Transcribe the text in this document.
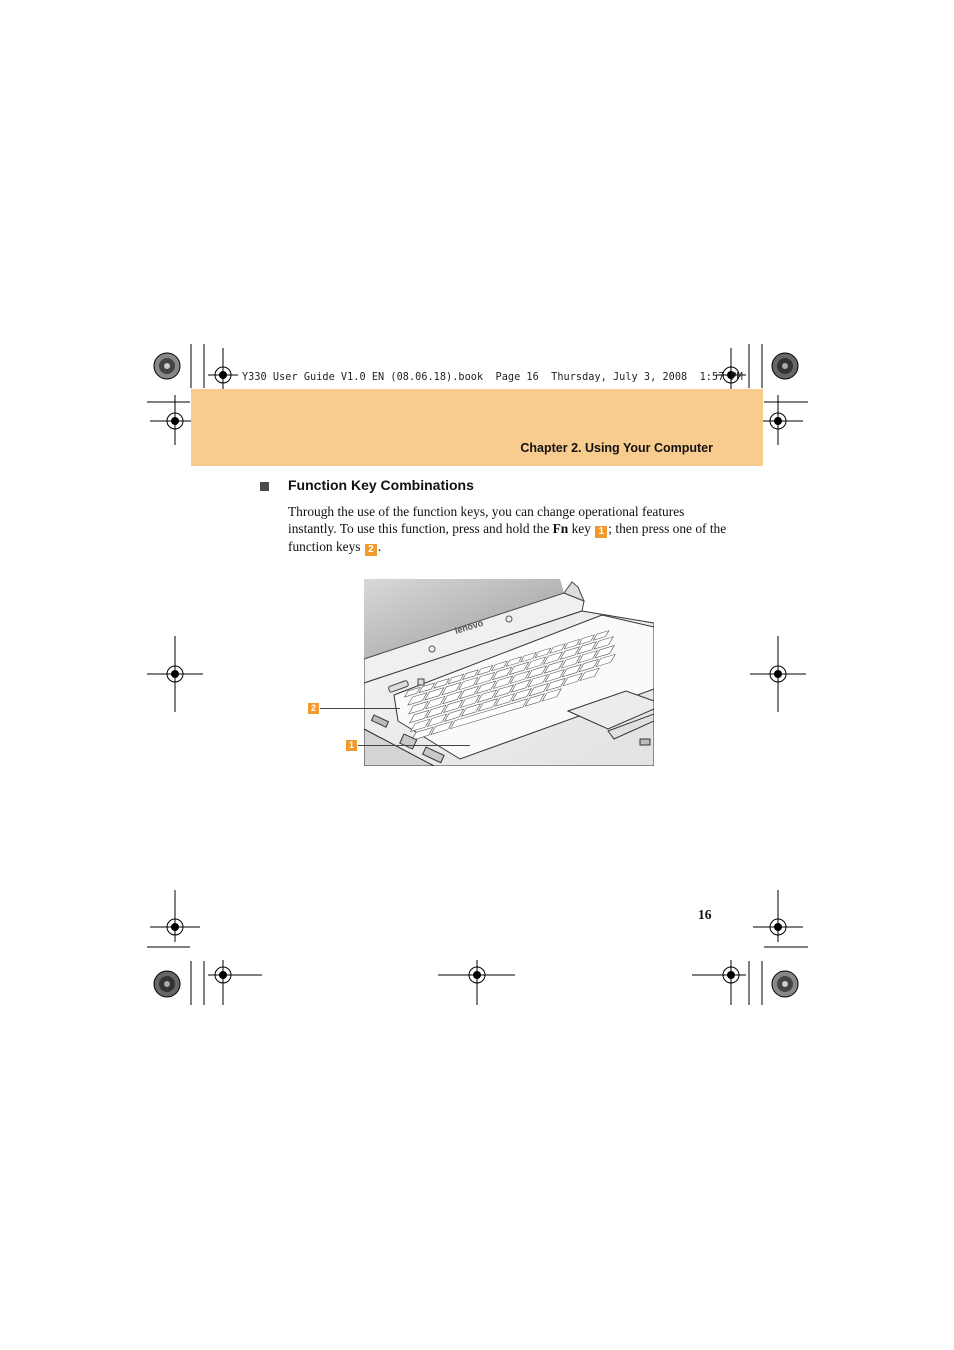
Y330 User Guide V1.0 EN (08.06.18).book  Page 16  Thursday, July 3, 2008  1:57 PM
Chapter 2. Using Your Computer
Function Key Combinations
Through the use of the function keys, you can change operational features instantly. To use this function, press and hold the Fn key 1 ; then press one of the function keys 2 .
lenovo
2
1
16
